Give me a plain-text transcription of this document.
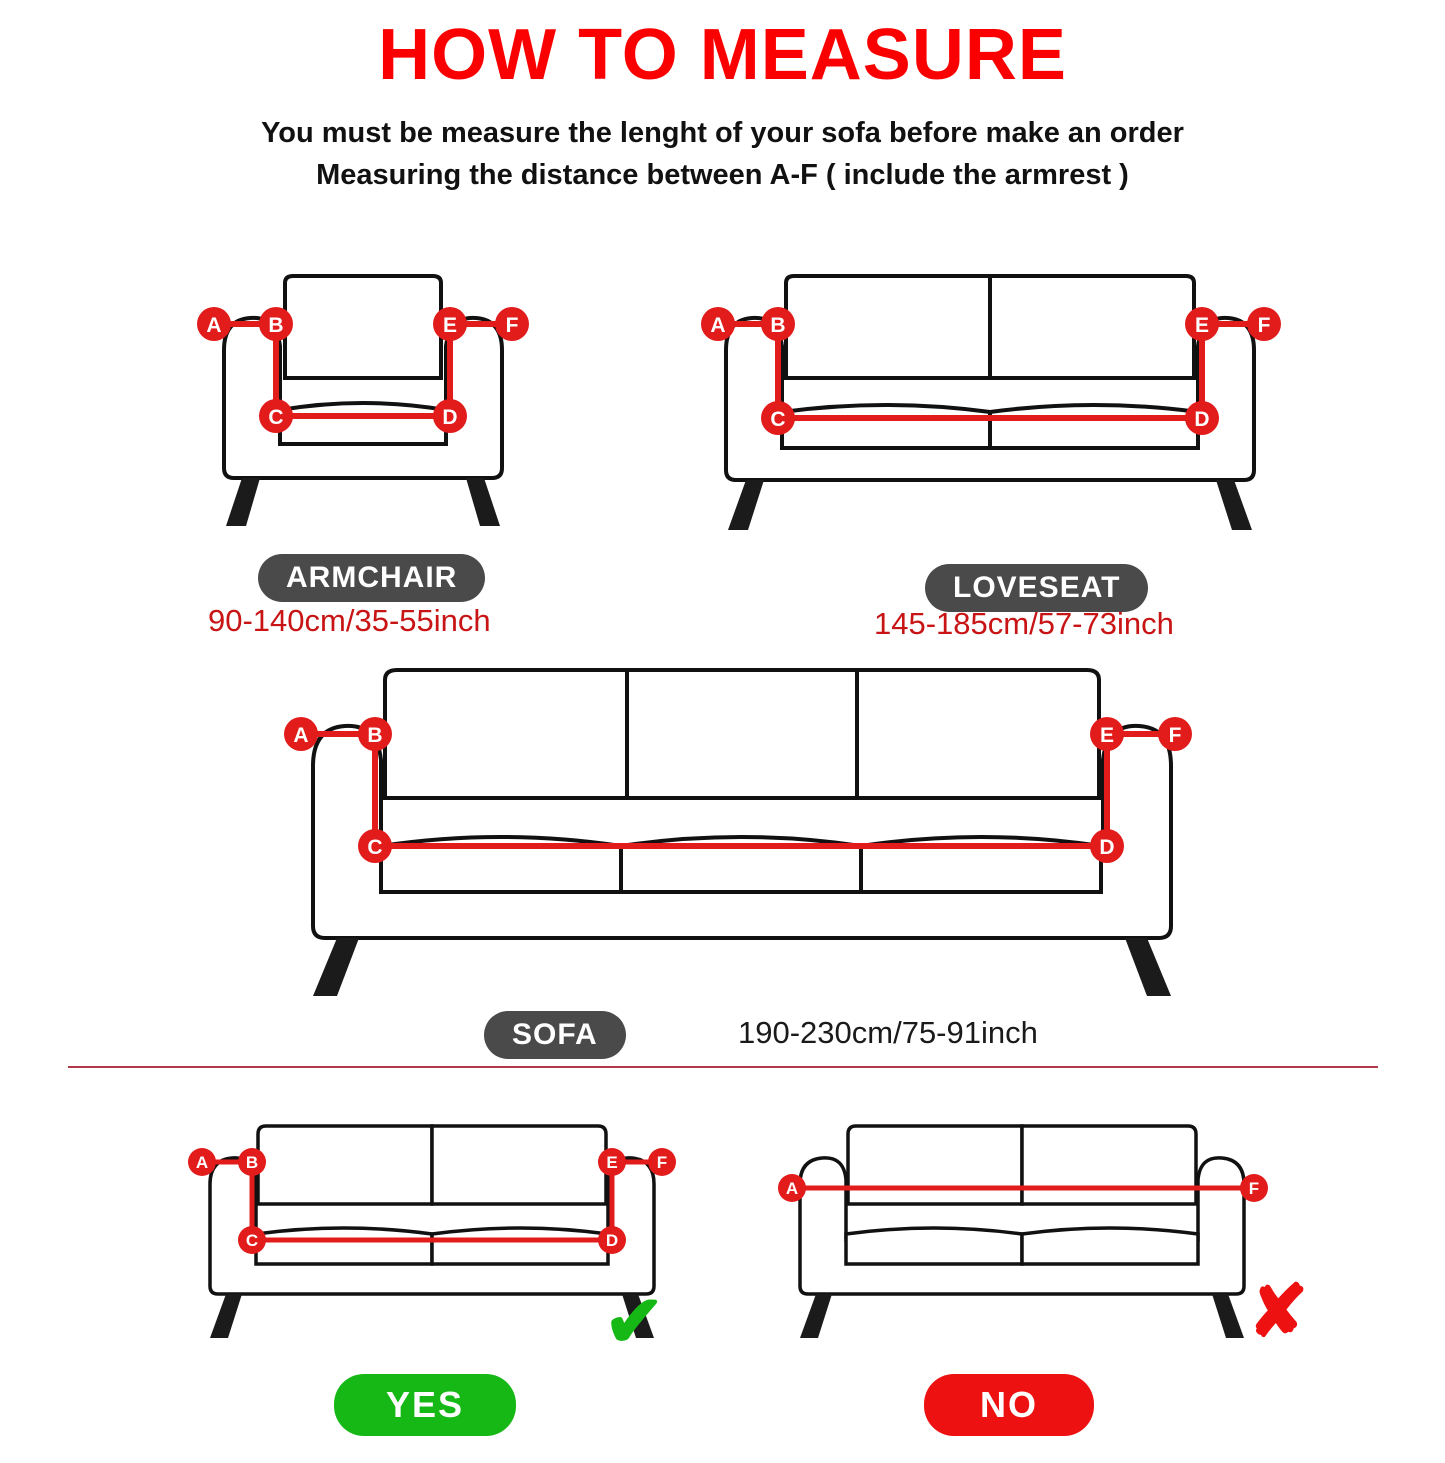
HOW TO MEASURE
You must be measure the lenght of your sofa before make an order
Measuring the distance between A-F ( include the armrest )
A B
C	D
E F
ARMCHAIR
90-140cm/35-55inch
A B
C	D
E F
LOVESEAT
145-185cm/57-73inch
A	B
C	D
E	F
SOFA	190-230cm/75-91inch
A B
C	D
E F
✔
YES
A	F
✘
NO
